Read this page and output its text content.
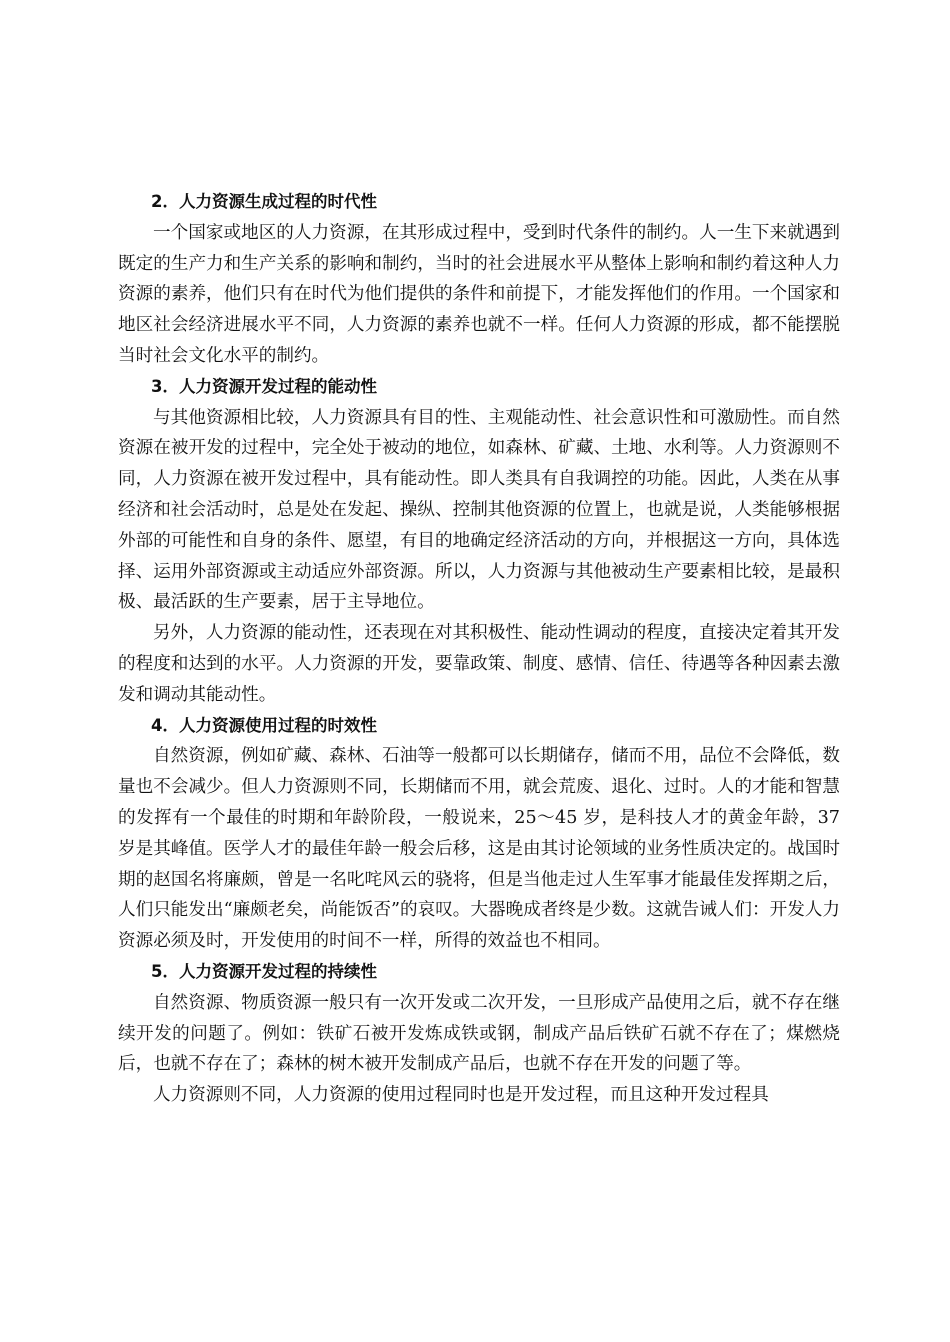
2．人力资源生成过程的时代性

一个国家或地区的人力资源，在其形成过程中，受到时代条件的制约。人一生下来就遇到既定的生产力和生产关系的影响和制约，当时的社会进展水平从整体上影响和制约着这种人力资源的素养，他们只有在时代为他们提供的条件和前提下，才能发挥他们的作用。一个国家和地区社会经济进展水平不同，人力资源的素养也就不一样。任何人力资源的形成，都不能摆脱当时社会文化水平的制约。

3．人力资源开发过程的能动性

与其他资源相比较，人力资源具有目的性、主观能动性、社会意识性和可激励性。而自然资源在被开发的过程中，完全处于被动的地位，如森林、矿藏、土地、水利等。人力资源则不同，人力资源在被开发过程中，具有能动性。即人类具有自我调控的功能。因此，人类在从事经济和社会活动时，总是处在发起、操纵、控制其他资源的位置上，也就是说，人类能够根据外部的可能性和自身的条件、愿望，有目的地确定经济活动的方向，并根据这一方向，具体选择、运用外部资源或主动适应外部资源。所以，人力资源与其他被动生产要素相比较，是最积极、最活跃的生产要素，居于主导地位。

另外，人力资源的能动性，还表现在对其积极性、能动性调动的程度，直接决定着其开发的程度和达到的水平。人力资源的开发，要靠政策、制度、感情、信任、待遇等各种因素去激发和调动其能动性。

4．人力资源使用过程的时效性

自然资源，例如矿藏、森林、石油等一般都可以长期储存，储而不用，品位不会降低，数量也不会减少。但人力资源则不同，长期储而不用，就会荒废、退化、过时。人的才能和智慧的发挥有一个最佳的时期和年龄阶段，一般说来，25～45 岁，是科技人才的黄金年龄，37 岁是其峰值。医学人才的最佳年龄一般会后移，这是由其讨论领域的业务性质决定的。战国时期的赵国名将廉颇，曾是一名叱咤风云的骁将，但是当他走过人生军事才能最佳发挥期之后，人们只能发出“廉颇老矣，尚能饭否”的哀叹。大器晚成者终是少数。这就告诫人们：开发人力资源必须及时，开发使用的时间不一样，所得的效益也不相同。

5．人力资源开发过程的持续性

自然资源、物质资源一般只有一次开发或二次开发，一旦形成产品使用之后，就不存在继续开发的问题了。例如：铁矿石被开发炼成铁或钢，制成产品后铁矿石就不存在了；煤燃烧后，也就不存在了；森林的树木被开发制成产品后，也就不存在开发的问题了等。

人力资源则不同，人力资源的使用过程同时也是开发过程，而且这种开发过程具
